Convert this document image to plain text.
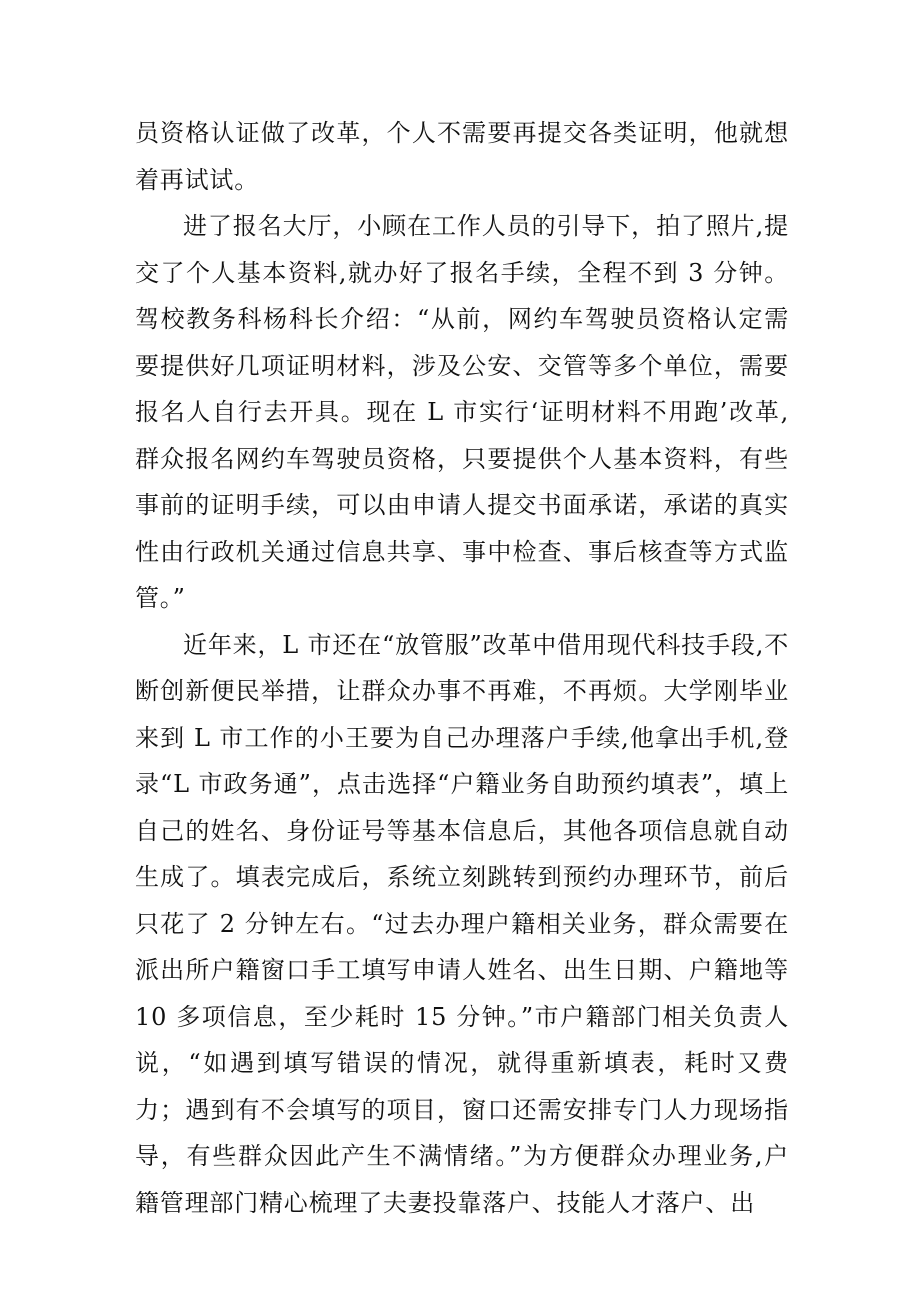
员资格认证做了改革，个人不需要再提交各类证明，他就想着再试试。

进了报名大厅，小顾在工作人员的引导下，拍了照片,提交了个人基本资料,就办好了报名手续，全程不到 3 分钟。驾校教务科杨科长介绍：“从前，网约车驾驶员资格认定需要提供好几项证明材料，涉及公安、交管等多个单位，需要报名人自行去开具。现在 L 市实行‘证明材料不用跑’改革,群众报名网约车驾驶员资格，只要提供个人基本资料，有些事前的证明手续，可以由申请人提交书面承诺，承诺的真实性由行政机关通过信息共享、事中检查、事后核查等方式监管。”

近年来，L 市还在“放管服”改革中借用现代科技手段,不断创新便民举措，让群众办事不再难，不再烦。大学刚毕业来到 L 市工作的小王要为自己办理落户手续,他拿出手机,登录“L 市政务通”，点击选择“户籍业务自助预约填表”，填上自己的姓名、身份证号等基本信息后，其他各项信息就自动生成了。填表完成后，系统立刻跳转到预约办理环节，前后只花了 2 分钟左右。“过去办理户籍相关业务，群众需要在派出所户籍窗口手工填写申请人姓名、出生日期、户籍地等 10 多项信息，至少耗时 15 分钟。”市户籍部门相关负责人说，“如遇到填写错误的情况，就得重新填表，耗时又费力；遇到有不会填写的项目，窗口还需安排专门人力现场指导，有些群众因此产生不满情绪。”为方便群众办理业务,户籍管理部门精心梳理了夫妻投靠落户、技能人才落户、出
